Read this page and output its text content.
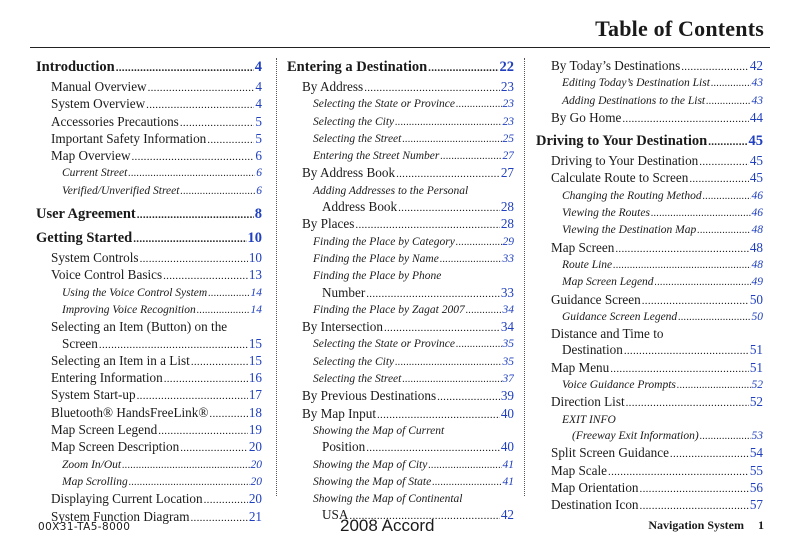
Table of Contents
Introduction .....	4
Manual Overview .....	4
System Overview .....	4
Accessories Precautions .....	5
Important Safety Information .....	5
Map Overview .....	6
Current Street .....	6
Verified/Unverified Street .....	6
User Agreement .....	8
Getting Started .....	10
System Controls .....	10
Voice Control Basics .....	13
Using the Voice Control System .....	14
Improving Voice Recognition .....	14
Selecting an Item (Button) on the
Screen .....	15
Selecting an Item in a List .....	15
Entering Information .....	16
System Start-up .....	17
Bluetooth® HandsFreeLink® .....	18
Map Screen Legend .....	19
Map Screen Description .....	20
Zoom In/Out .....	20
Map Scrolling .....	20
Displaying Current Location .....	20
System Function Diagram .....	21
Entering a Destination .....	22
By Address .....	23
Selecting the State or Province .....	23
Selecting the City .....	23
Selecting the Street .....	25
Entering the Street Number .....	27
By Address Book .....	27
Adding Addresses to the Personal
Address Book .....	28
By Places .....	28
Finding the Place by Category .....	29
Finding the Place by Name .....	33
Finding the Place by Phone
Number .....	33
Finding the Place by Zagat 2007 .....	34
By Intersection .....	34
Selecting the State or Province .....	35
Selecting the City .....	35
Selecting the Street .....	37
By Previous Destinations .....	39
By Map Input .....	40
Showing the Map of Current
Position .....	40
Showing the Map of City .....	41
Showing the Map of State .....	41
Showing the Map of Continental
USA .....	42
By Today’s Destinations .....	42
Editing Today’s Destination List .....	43
Adding Destinations to the List .....	43
By Go Home .....	44
Driving to Your Destination .....	45
Driving to Your Destination .....	45
Calculate Route to Screen .....	45
Changing the Routing Method .....	46
Viewing the Routes .....	46
Viewing the Destination Map .....	48
Map Screen .....	48
Route Line .....	48
Map Screen Legend .....	49
Guidance Screen .....	50
Guidance Screen Legend .....	50
Distance and Time to
Destination .....	51
Map Menu .....	51
Voice Guidance Prompts .....	52
Direction List .....	52
EXIT INFO
(Freeway Exit Information) .....	53
Split Screen Guidance .....	54
Map Scale .....	55
Map Orientation .....	56
Destination Icon .....	57
00X31-TA5-8000	2008 Accord	Navigation System 1
